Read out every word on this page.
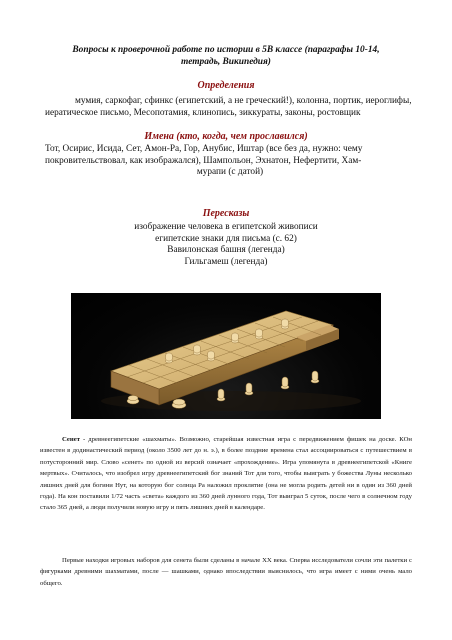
Вопросы к проверочной работе по истории в 5В классе (параграфы 10-14,
тетрадь, Википедия)
Определения
мумия, саркофаг, сфинкс (египетский, а не греческий!), колонна, портик, иероглифы, иератическое письмо, Месопотамия, клинопись, зиккураты, законы, ростовщик
Имена (кто, когда, чем прославился)
Тот, Осирис, Исида, Сет, Амон-Ра, Гор, Анубис, Иштар (все без да, нужно: чему покровительствовал, как изображался), Шампольон, Эхнатон, Нефертити, Хам-
мурапи (с датой)
Пересказы
изображение человека в египетской живописи
египетские знаки для письма (с. 62)
Вавилонская башня (легенда)
Гильгамеш (легенда)
Сенет - древнеегипетские «шахматы». Возможно, старейшая известная игра с передвижением фишек на доске. КОн известен в додинастический период (около 3500 лет до н. э.), в более поздние времена стал ассоциироваться с путешествием в потусторонний мир. Слово «сенет» по одной из версий означает «прохождение». Игра упомянута в древнеегипетской «Книге мертвых». Считалось, что изобрел игру древнеегипетский бог знаний Тот для того, чтобы выиграть у божества Луны несколько лишних дней для богини Нут, на которую бог солнца Ра наложил проклятие (она не могла родить детей ни в один из 360 дней года). На кон поставили 1/72 часть «света» каждого из 360 дней лунного года, Тот выиграл 5 суток, после чего в солнечном году стало 365 дней, а люди получили новую игру и пять лишних дней в календаре.
Первые находки игровых наборов для сенета были сделаны в начале XX века. Сперва исследователи сочли эти палетки с фигурками древними шахматами, после — шашками, однако впоследствии выяснилось, что игра имеет с ними очень мало общего.
